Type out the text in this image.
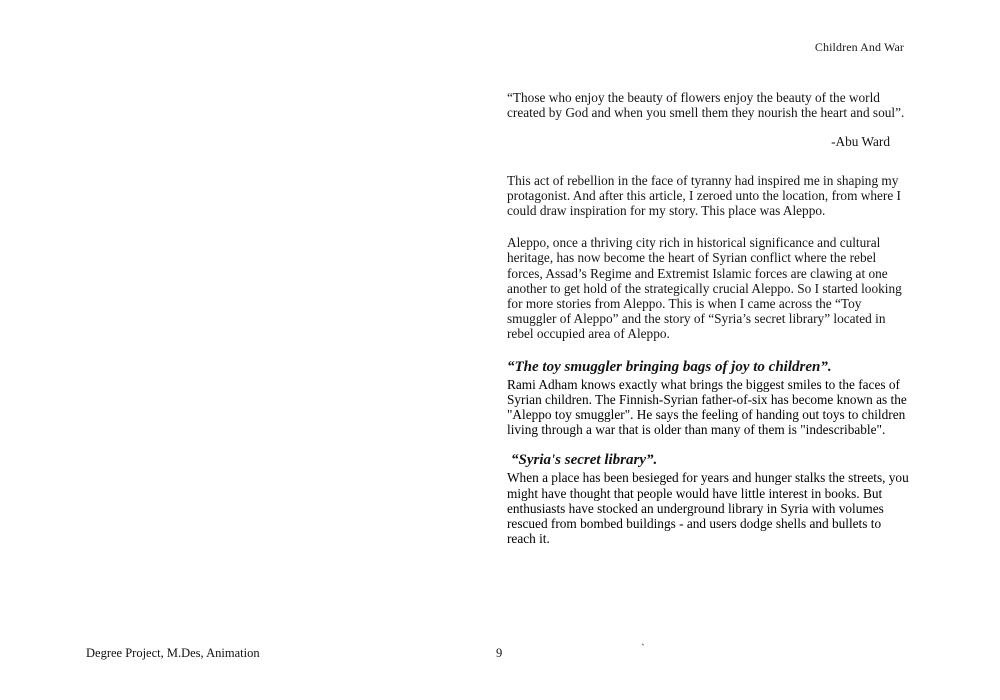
Children And War

“Those who enjoy the beauty of flowers enjoy the beauty of the world created by God and when you smell them they nourish the heart and soul”.

-Abu Ward

This act of rebellion in the face of tyranny had inspired me in shaping my protagonist. And after this article, I zeroed unto the location, from where I could draw inspiration for my story. This place was Aleppo.

Aleppo, once a thriving city rich in historical significance and cultural heritage, has now become the heart of Syrian conflict where the rebel forces, Assad’s Regime and Extremist Islamic forces are clawing at one another to get hold of the strategically crucial Aleppo. So I started looking for more stories from Aleppo. This is when I came across the “Toy smuggler of Aleppo” and the story of “Syria’s secret library” located in rebel occupied area of Aleppo.

“The toy smuggler bringing bags of joy to children”.

Rami Adham knows exactly what brings the biggest smiles to the faces of Syrian children. The Finnish-Syrian father-of-six has become known as the "Aleppo toy smuggler". He says the feeling of handing out toys to children living through a war that is older than many of them is "indescribable".

“Syria's secret library”.

When a place has been besieged for years and hunger stalks the streets, you might have thought that people would have little interest in books. But enthusiasts have stocked an underground library in Syria with volumes rescued from bombed buildings - and users dodge shells and bullets to reach it.

Degree Project, M.Des, Animation	9	`
